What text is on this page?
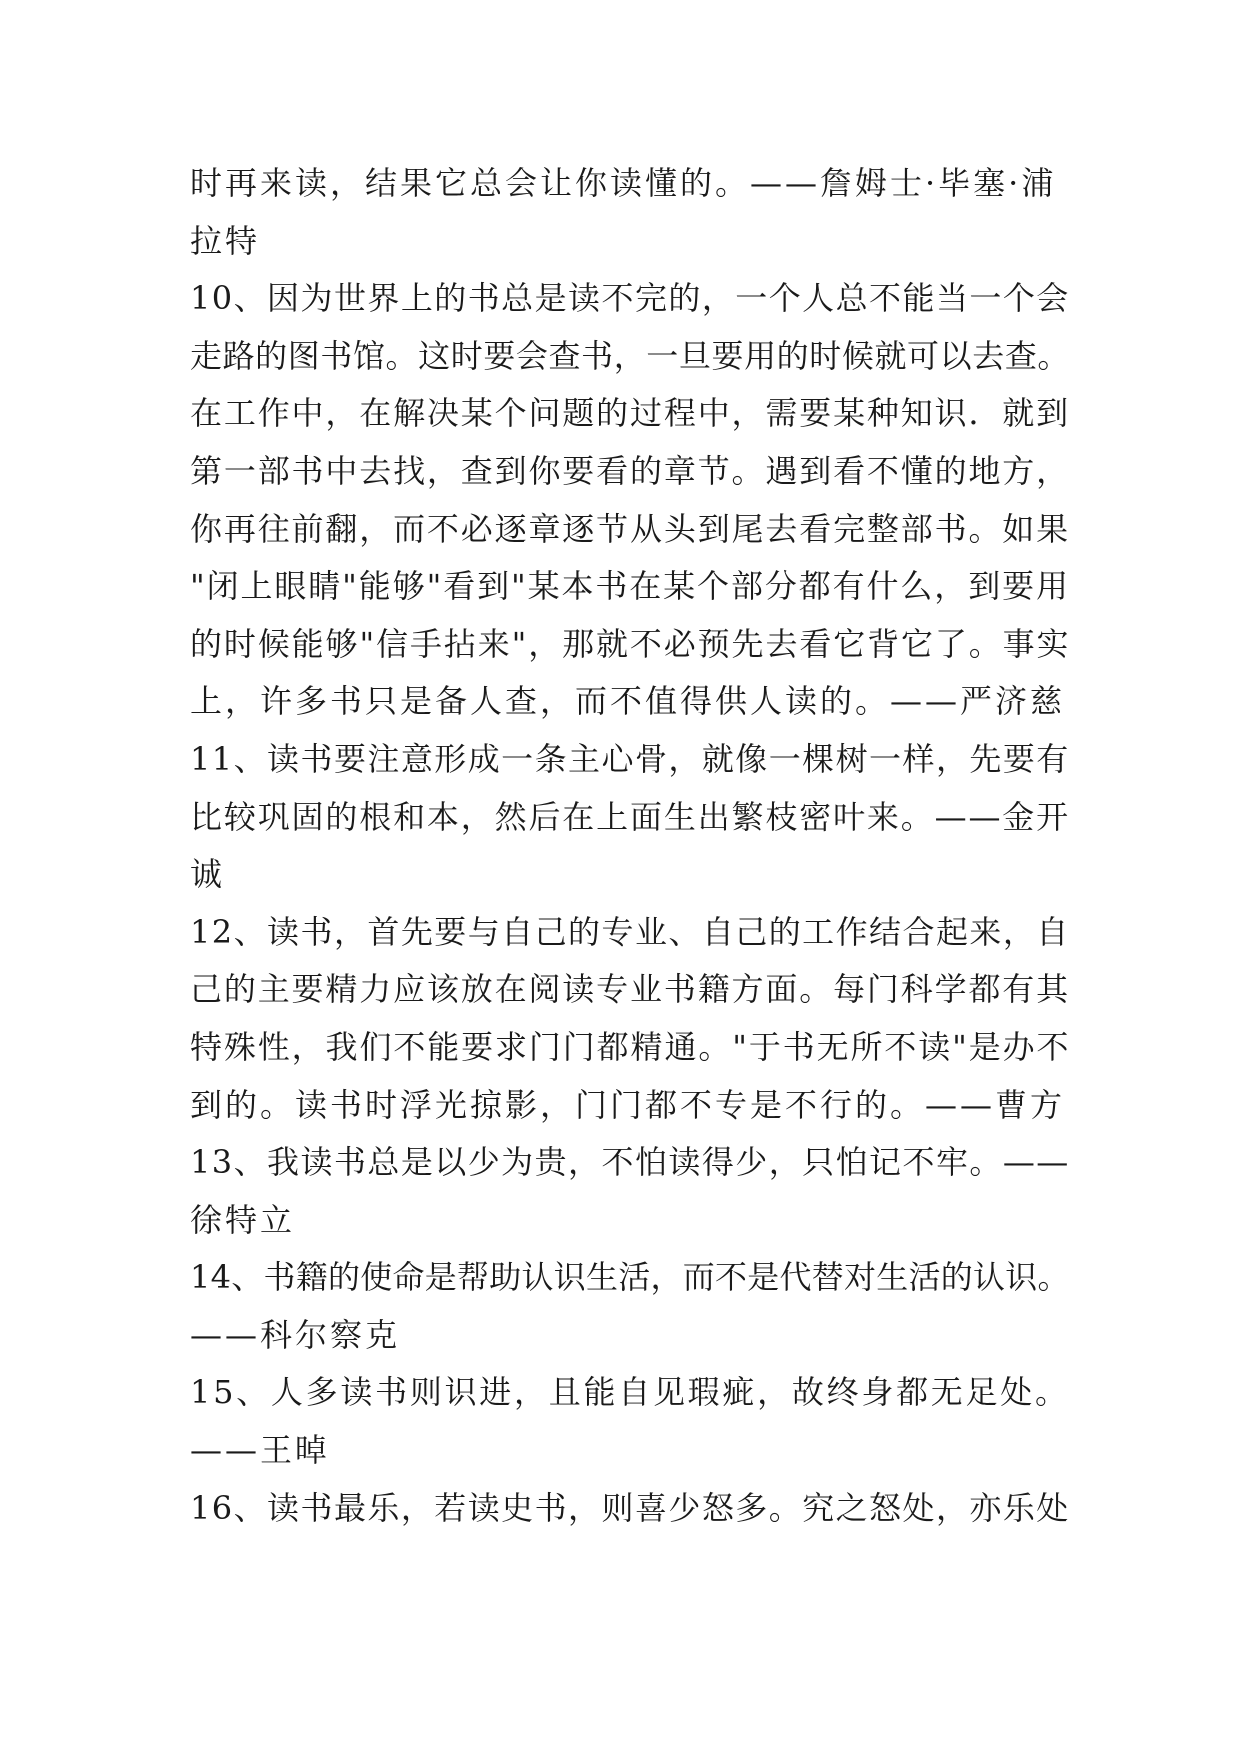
时再来读，结果它总会让你读懂的。——詹姆士·毕塞·浦
拉特
10、因为世界上的书总是读不完的，一个人总不能当一个会
走路的图书馆。这时要会查书，一旦要用的时候就可以去查。
在工作中，在解决某个问题的过程中，需要某种知识．就到
第一部书中去找，查到你要看的章节。遇到看不懂的地方，
你再往前翻，而不必逐章逐节从头到尾去看完整部书。如果
"闭上眼睛"能够"看到"某本书在某个部分都有什么，到要用
的时候能够"信手拈来"，那就不必预先去看它背它了。事实
上，许多书只是备人查，而不值得供人读的。——严济慈
11、读书要注意形成一条主心骨，就像一棵树一样，先要有
比较巩固的根和本，然后在上面生出繁枝密叶来。——金开
诚
12、读书，首先要与自己的专业、自己的工作结合起来，自
己的主要精力应该放在阅读专业书籍方面。每门科学都有其
特殊性，我们不能要求门门都精通。"于书无所不读"是办不
到的。读书时浮光掠影，门门都不专是不行的。——曹方
13、我读书总是以少为贵，不怕读得少，只怕记不牢。——
徐特立
14、书籍的使命是帮助认识生活，而不是代替对生活的认识。
——科尔察克
15、人多读书则识进，且能自见瑕疵，故终身都无足处。
——王晫
16、读书最乐，若读史书，则喜少怒多。究之怒处，亦乐处
